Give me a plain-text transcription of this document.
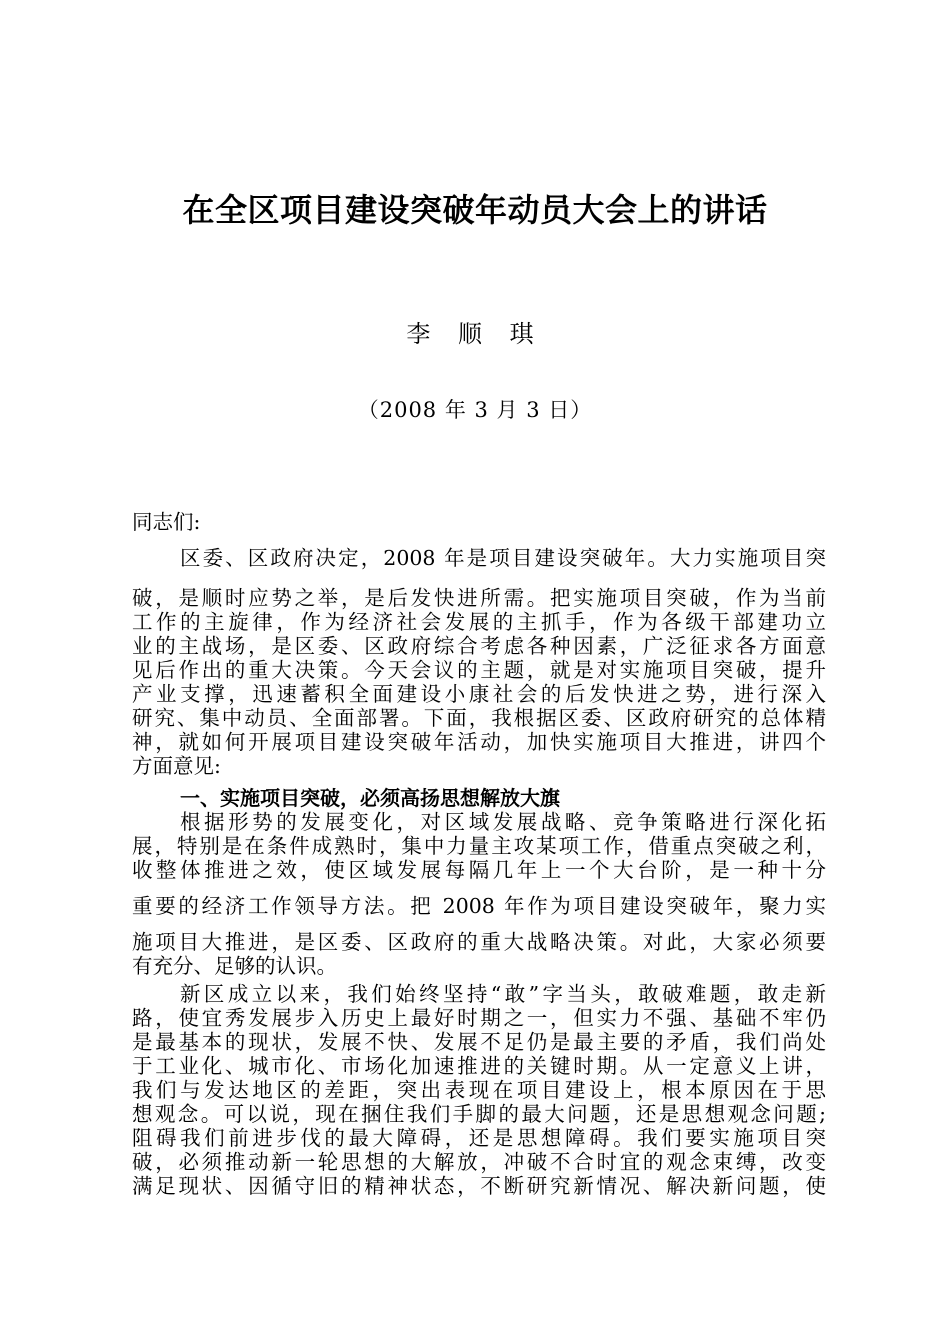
在全区项目建设突破年动员大会上的讲话
李 顺 琪
（2008 年 3 月 3 日）
同志们:
区委、区政府决定，2008 年是项目建设突破年。大力实施项目突
破，是顺时应势之举，是后发快进所需。把实施项目突破，作为当前
工作的主旋律，作为经济社会发展的主抓手，作为各级干部建功立
业的主战场，是区委、区政府综合考虑各种因素，广泛征求各方面意
见后作出的重大决策。今天会议的主题，就是对实施项目突破，提升
产业支撑，迅速蓄积全面建设小康社会的后发快进之势，进行深入
研究、集中动员、全面部署。下面，我根据区委、区政府研究的总体精
神，就如何开展项目建设突破年活动，加快实施项目大推进，讲四个
方面意见:
一、实施项目突破，必须高扬思想解放大旗
根据形势的发展变化，对区域发展战略、竞争策略进行深化拓
展，特别是在条件成熟时，集中力量主攻某项工作，借重点突破之利，
收整体推进之效，使区域发展每隔几年上一个大台阶，是一种十分
重要的经济工作领导方法。把 2008 年作为项目建设突破年，聚力实
施项目大推进，是区委、区政府的重大战略决策。对此，大家必须要
有充分、足够的认识。
新区成立以来，我们始终坚持“敢”字当头，敢破难题，敢走新
路，使宜秀发展步入历史上最好时期之一，但实力不强、基础不牢仍
是最基本的现状，发展不快、发展不足仍是最主要的矛盾，我们尚处
于工业化、城市化、市场化加速推进的关键时期。从一定意义上讲，
我们与发达地区的差距，突出表现在项目建设上，根本原因在于思
想观念。可以说，现在捆住我们手脚的最大问题，还是思想观念问题;
阻碍我们前进步伐的最大障碍，还是思想障碍。我们要实施项目突
破，必须推动新一轮思想的大解放，冲破不合时宜的观念束缚，改变
满足现状、因循守旧的精神状态，不断研究新情况、解决新问题，使
